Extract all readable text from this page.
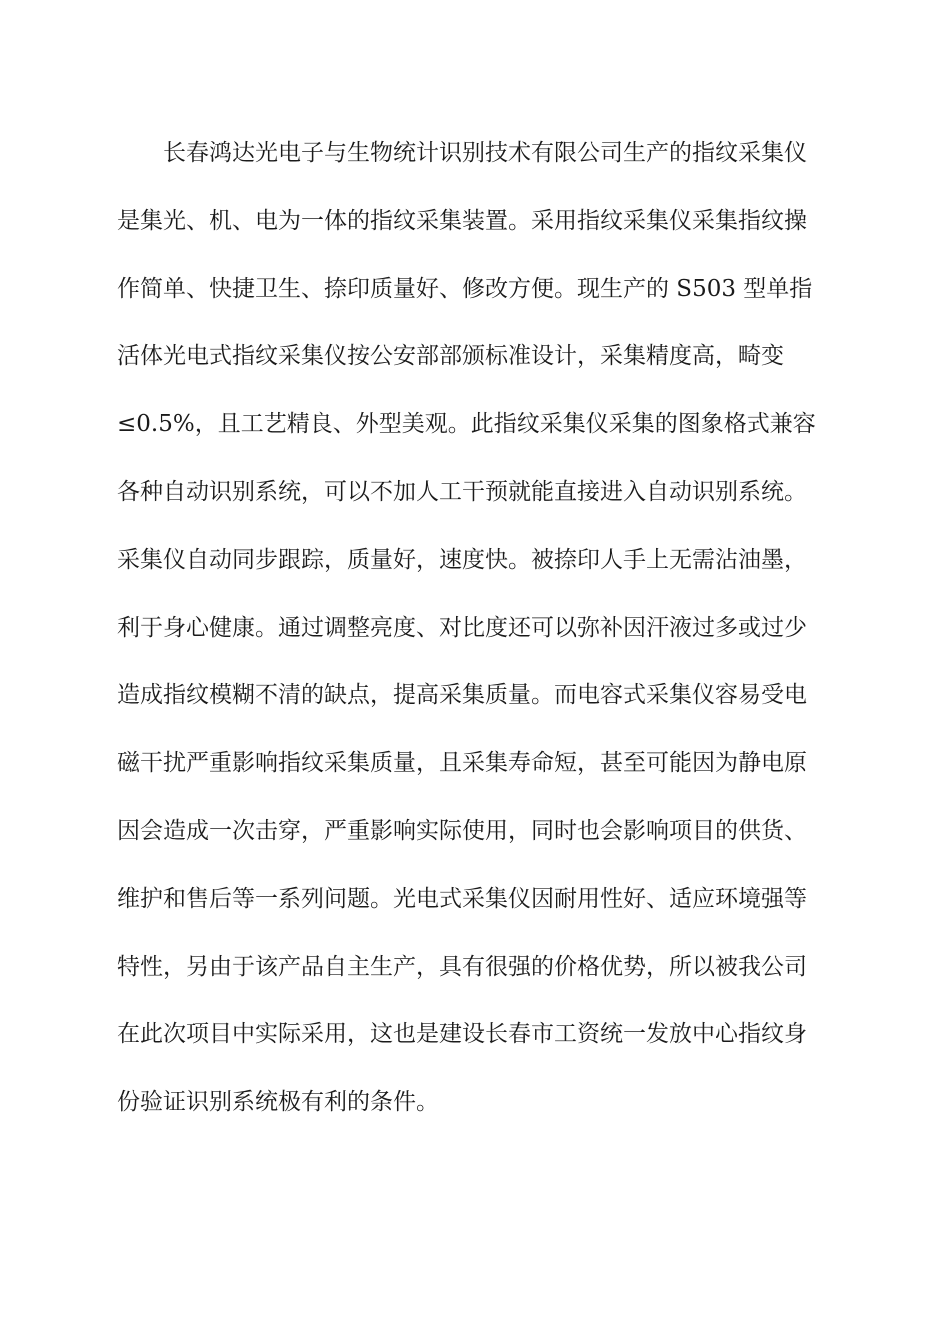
长春鸿达光电子与生物统计识别技术有限公司生产的指纹采集仪
是集光、机、电为一体的指纹采集装置。采用指纹采集仪采集指纹操
作简单、快捷卫生、捺印质量好、修改方便。现生产的 S503 型单指
活体光电式指纹采集仪按公安部部颁标准设计，采集精度高，畸变
≤0.5%，且工艺精良、外型美观。此指纹采集仪采集的图象格式兼容
各种自动识别系统，可以不加人工干预就能直接进入自动识别系统。
采集仪自动同步跟踪，质量好，速度快。被捺印人手上无需沾油墨，
利于身心健康。通过调整亮度、对比度还可以弥补因汗液过多或过少
造成指纹模糊不清的缺点，提高采集质量。而电容式采集仪容易受电
磁干扰严重影响指纹采集质量，且采集寿命短，甚至可能因为静电原
因会造成一次击穿，严重影响实际使用，同时也会影响项目的供货、
维护和售后等一系列问题。光电式采集仪因耐用性好、适应环境强等
特性，另由于该产品自主生产，具有很强的价格优势，所以被我公司
在此次项目中实际采用，这也是建设长春市工资统一发放中心指纹身
份验证识别系统极有利的条件。
